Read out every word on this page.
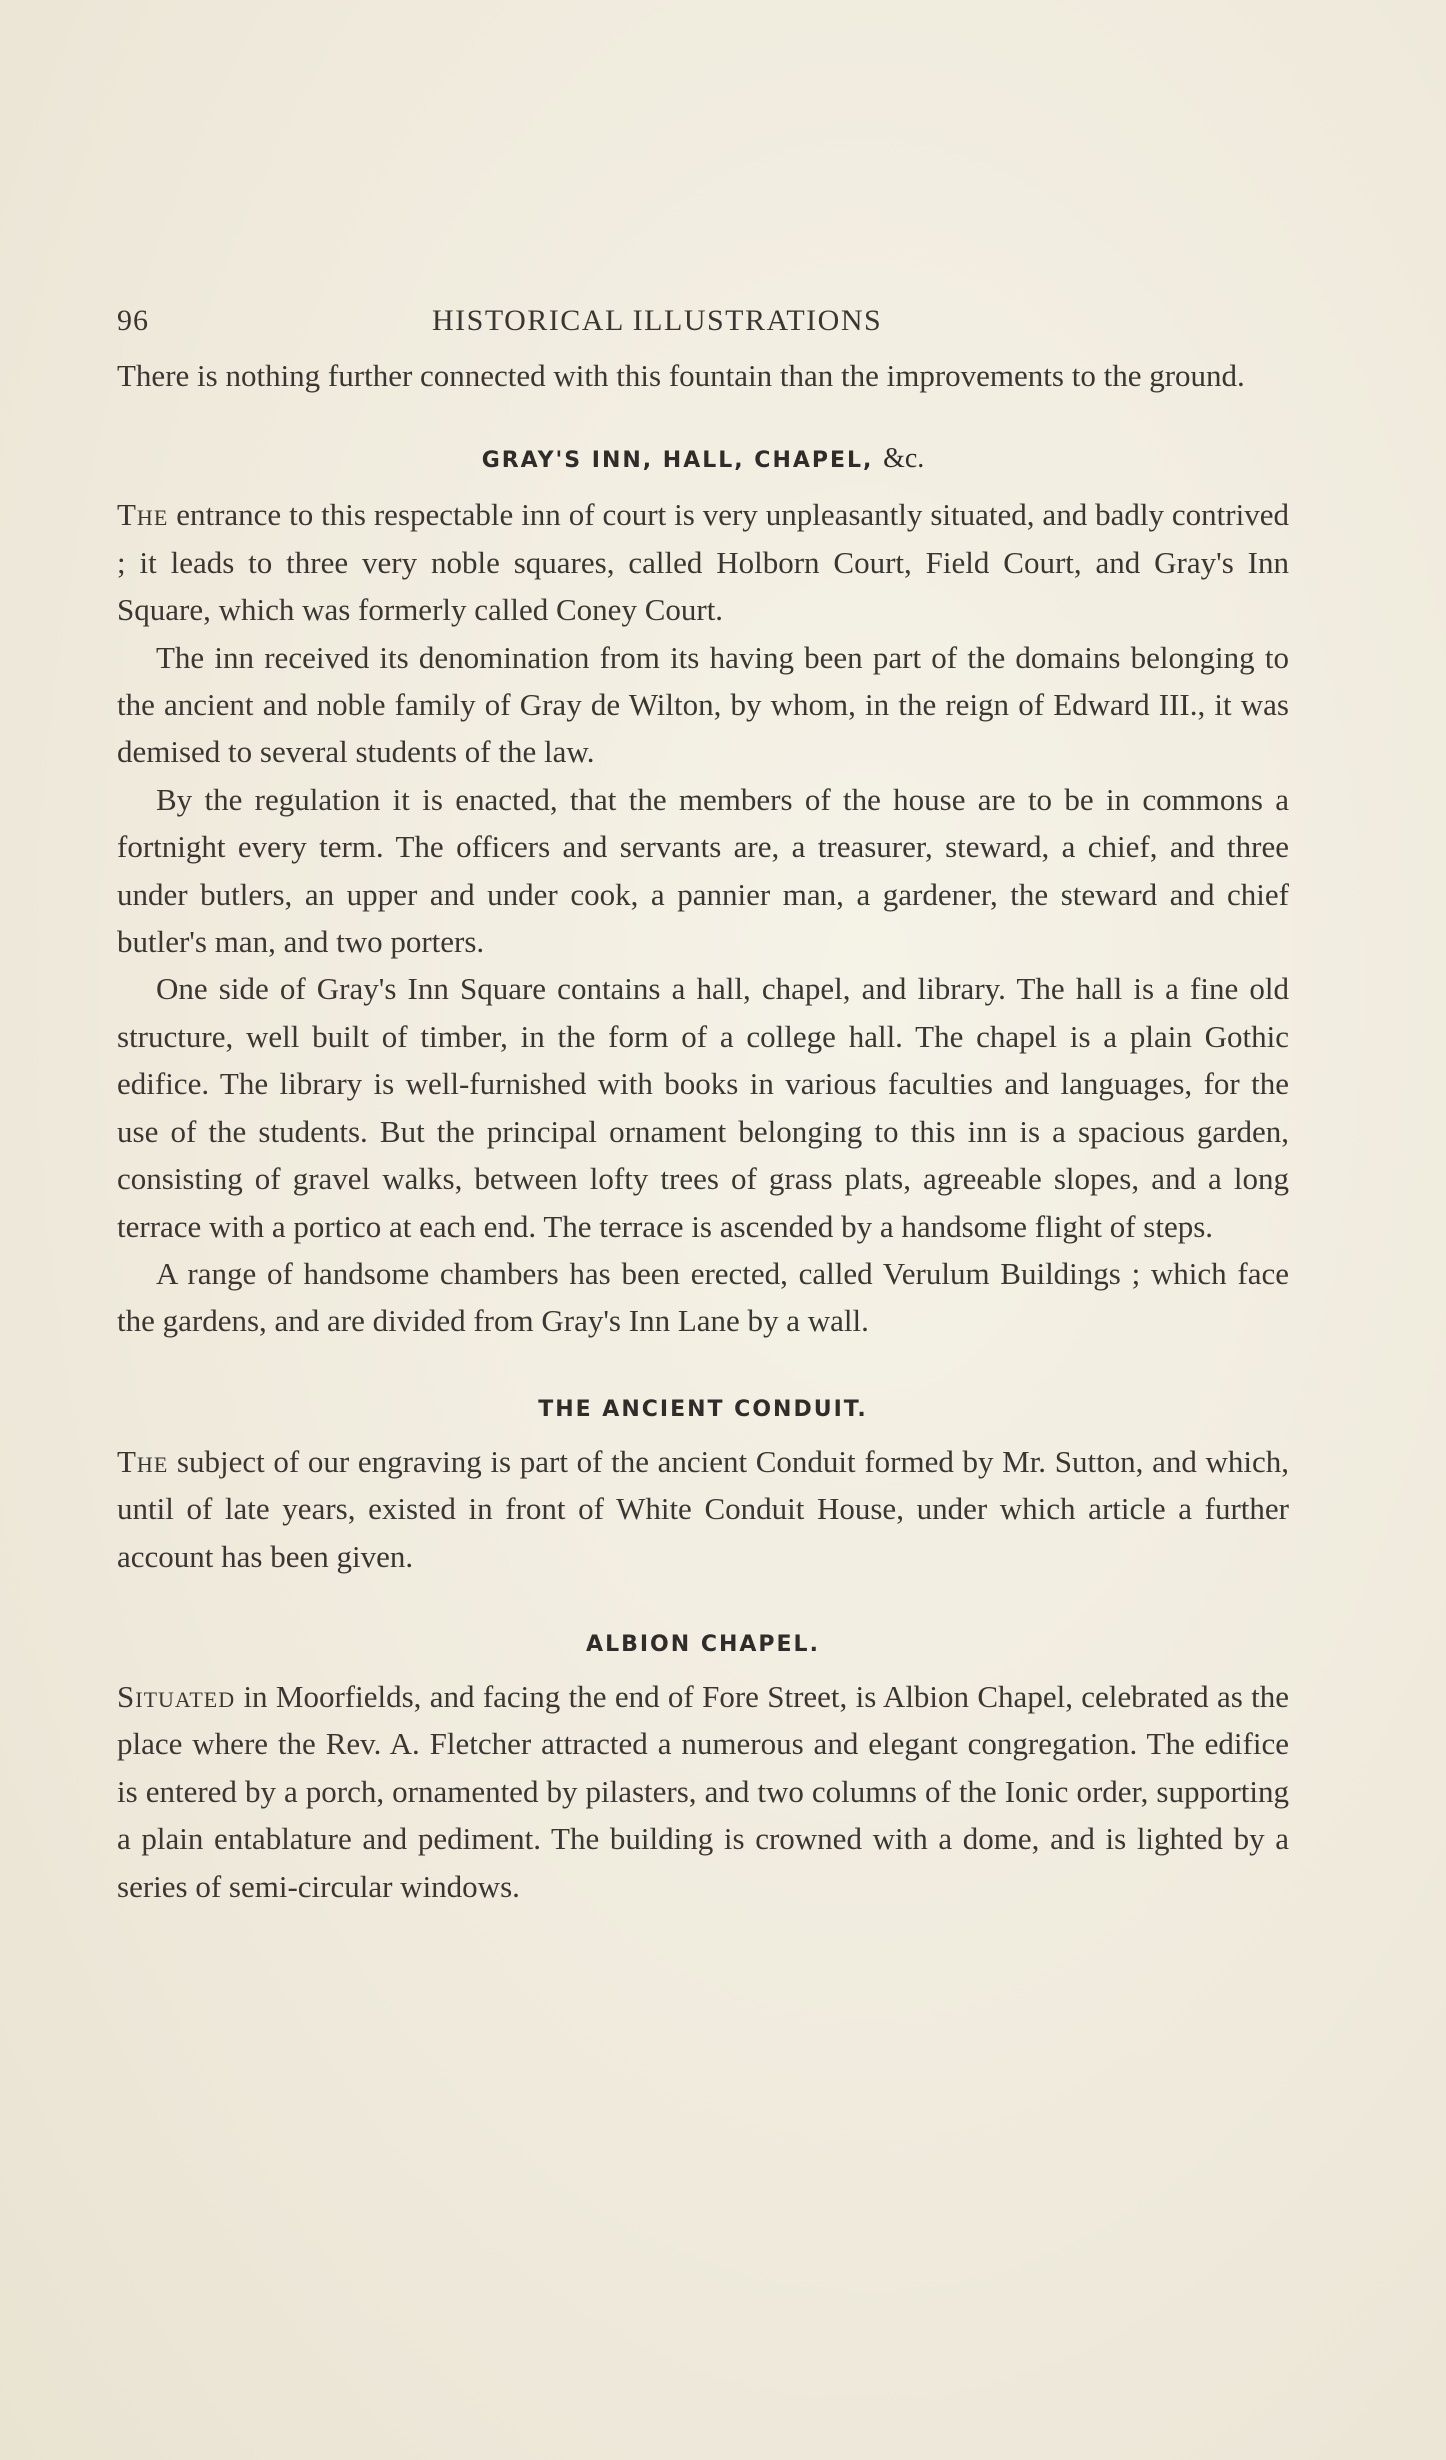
96	HISTORICAL ILLUSTRATIONS

There is nothing further connected with this fountain than the improvements to the ground.

GRAY'S INN, HALL, CHAPEL, &c.

The entrance to this respectable inn of court is very unpleasantly situated, and badly contrived ; it leads to three very noble squares, called Holborn Court, Field Court, and Gray's Inn Square, which was formerly called Coney Court.

The inn received its denomination from its having been part of the domains belonging to the ancient and noble family of Gray de Wilton, by whom, in the reign of Edward III., it was demised to several students of the law.

By the regulation it is enacted, that the members of the house are to be in commons a fortnight every term. The officers and servants are, a treasurer, steward, a chief, and three under butlers, an upper and under cook, a pannier man, a gardener, the steward and chief butler's man, and two porters.

One side of Gray's Inn Square contains a hall, chapel, and library. The hall is a fine old structure, well built of timber, in the form of a college hall. The chapel is a plain Gothic edifice. The library is well-furnished with books in various faculties and languages, for the use of the students. But the principal ornament belonging to this inn is a spacious garden, consisting of gravel walks, between lofty trees of grass plats, agreeable slopes, and a long terrace with a portico at each end. The terrace is ascended by a handsome flight of steps.

A range of handsome chambers has been erected, called Verulum Buildings ; which face the gardens, and are divided from Gray's Inn Lane by a wall.

THE ANCIENT CONDUIT.

The subject of our engraving is part of the ancient Conduit formed by Mr. Sutton, and which, until of late years, existed in front of White Conduit House, under which article a further account has been given.

ALBION CHAPEL.

Situated in Moorfields, and facing the end of Fore Street, is Albion Chapel, celebrated as the place where the Rev. A. Fletcher attracted a numerous and elegant congregation. The edifice is entered by a porch, ornamented by pilasters, and two columns of the Ionic order, supporting a plain entablature and pediment. The building is crowned with a dome, and is lighted by a series of semi-circular windows.
